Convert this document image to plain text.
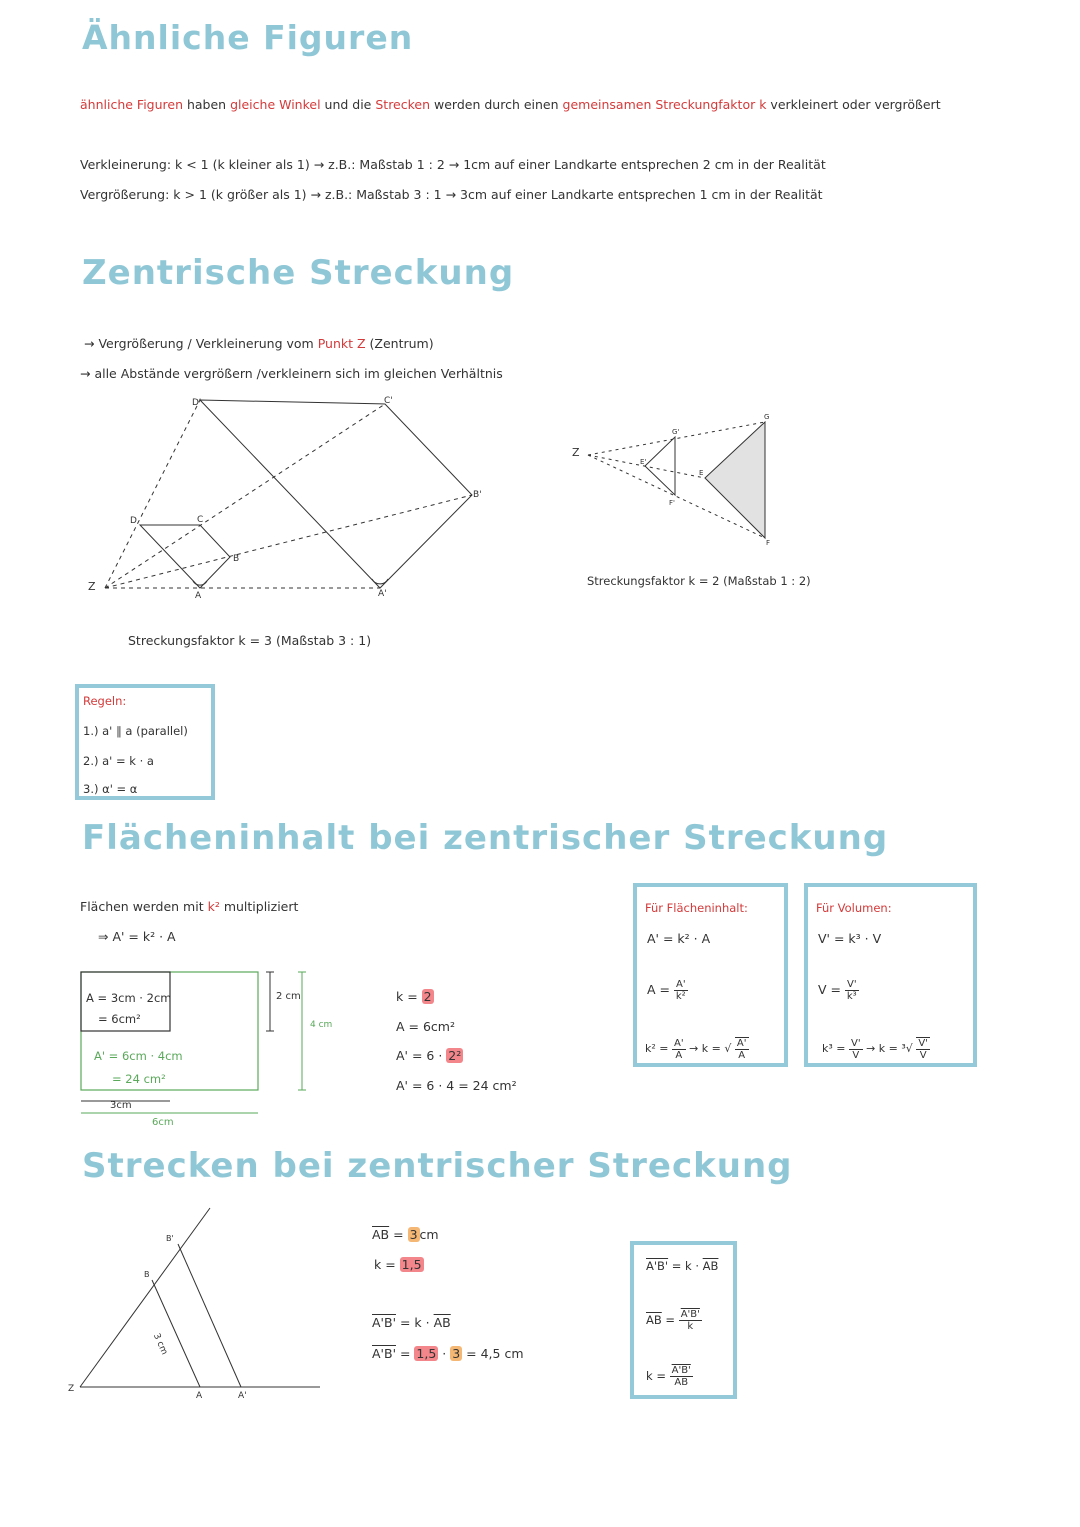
Ähnliche Figuren
ähnliche Figuren haben gleiche Winkel und die Strecken werden durch einen gemeinsamen Streckungfaktor k verkleinert oder vergrößert
Verkleinerung: k < 1 (k kleiner als 1) → z.B.: Maßstab 1 : 2 → 1cm auf einer Landkarte entsprechen 2 cm in der Realität
Vergrößerung: k > 1 (k größer als 1) → z.B.: Maßstab 3 : 1 → 3cm auf einer Landkarte entsprechen 1 cm in der Realität
Zentrische Streckung
→ Vergrößerung / Verkleinerung vom Punkt Z (Zentrum)
→ alle Abstände vergrößern /verkleinern sich im gleichen Verhältnis
D'	C'
B'
A'
D	C
B
A
Z
Streckungsfaktor k = 3 (Maßstab 3 : 1)
Z
G'
G
E'
E
F'
F
Streckungsfaktor k = 2 (Maßstab 1 : 2)
Regeln:
1.) a' ∥ a (parallel)
2.) a' = k · a
3.) α' = α
Flächeninhalt bei zentrischer Streckung
Flächen werden mit k² multipliziert
⇒ A' = k² · A
A = 3cm · 2cm
= 6cm²
A' = 6cm · 4cm
= 24 cm²
2 cm
4 cm
3cm
6cm
k = 2
A = 6cm²
A' = 6 · 2²
A' = 6 · 4 = 24 cm²
Für Flächeninhalt:
A' = k² · A
$A = \frac{A'}{\text{k²}}$
$k^2 = \frac{A'}{A} \to k$ = √ $\frac{A'}{A}$
Für Volumen:
V' = k³ · V
$V = \frac{V'}{\text{k³}}$
$k^3 = \frac{V'}{V} \to k = ^3√ \frac{V'}{V}$
Strecken bei zentrischer Streckung
B'
B
Z
A	A'
3 cm
$\overline{AB} = 3$ cm
k = 1,5
$A'B' = k \cdot \overline{AB}$
A'B' = 1,5 · 3 = 4,5 cm
$A'B' = k \cdot \overline{AB}$
$\overline{AB} = \frac{A'B'}{k}$
$k = \frac{A'B'}{AB}$
